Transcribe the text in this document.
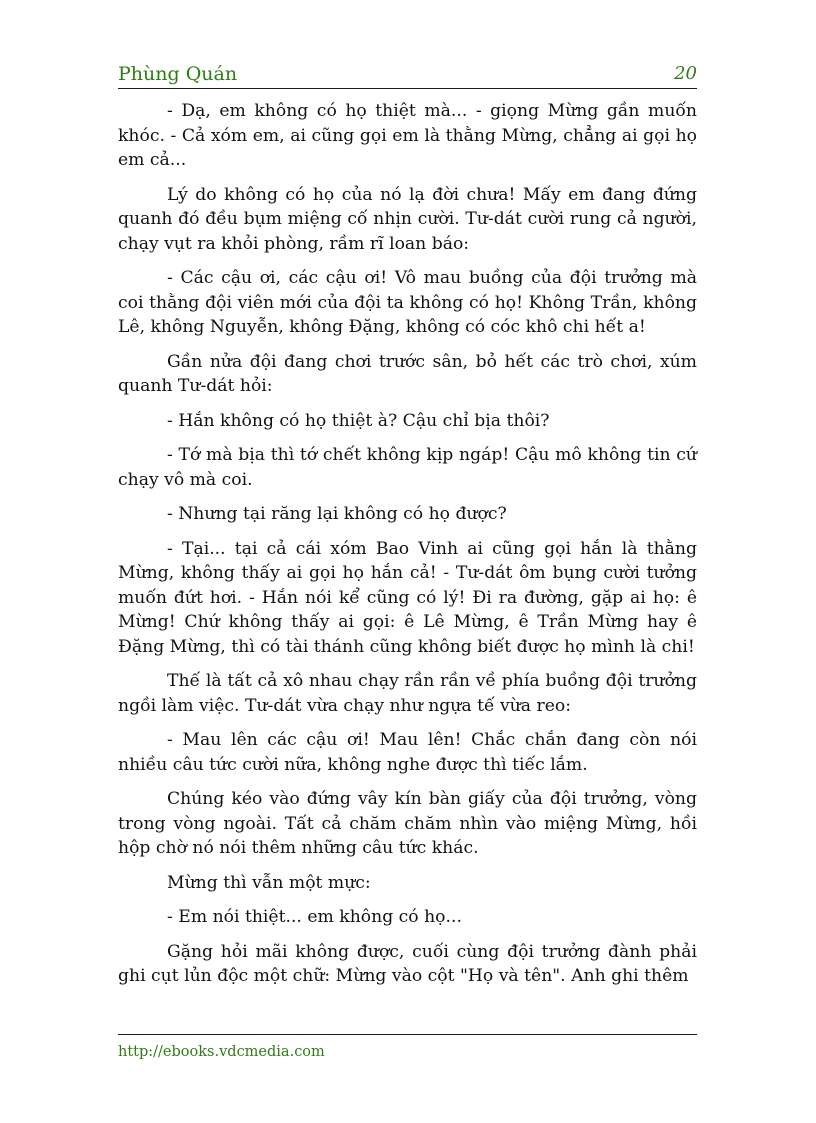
Phùng Quán	20

- Dạ, em không có họ thiệt mà... - giọng Mừng gần muốn khóc. - Cả xóm em, ai cũng gọi em là thằng Mừng, chẳng ai gọi họ em cả...

Lý do không có họ của nó lạ đời chưa! Mấy em đang đứng quanh đó đều bụm miệng cố nhịn cười. Tư-dát cười rung cả người, chạy vụt ra khỏi phòng, rầm rĩ loan báo:

- Các cậu ơi, các cậu ơi! Vô mau buồng của đội trưởng mà coi thằng đội viên mới của đội ta không có họ! Không Trần, không Lê, không Nguyễn, không Đặng, không có cóc khô chi hết a!

Gần nửa đội đang chơi trước sân, bỏ hết các trò chơi, xúm quanh Tư-dát hỏi:

- Hắn không có họ thiệt à? Cậu chỉ bịa thôi?

- Tớ mà bịa thì tớ chết không kịp ngáp! Cậu mô không tin cứ chạy vô mà coi.

- Nhưng tại răng lại không có họ được?

- Tại... tại cả cái xóm Bao Vinh ai cũng gọi hắn là thằng Mừng, không thấy ai gọi họ hắn cả! - Tư-dát ôm bụng cười tưởng muốn đứt hơi. - Hắn nói kể cũng có lý! Đi ra đường, gặp ai họ: ê Mừng! Chứ không thấy ai gọi: ê Lê Mừng, ê Trần Mừng hay ê Đặng Mừng, thì có tài thánh cũng không biết được họ mình là chi!

Thế là tất cả xô nhau chạy rần rần về phía buồng đội trưởng ngồi làm việc. Tư-dát vừa chạy như ngựa tế vừa reo:

- Mau lên các cậu ơi! Mau lên! Chắc chắn đang còn nói nhiều câu tức cười nữa, không nghe được thì tiếc lắm.

Chúng kéo vào đứng vây kín bàn giấy của đội trưởng, vòng trong vòng ngoài. Tất cả chăm chăm nhìn vào miệng Mừng, hồi hộp chờ nó nói thêm những câu tức khác.

Mừng thì vẫn một mực:

- Em nói thiệt... em không có họ...

Gặng hỏi mãi không được, cuối cùng đội trưởng đành phải ghi cụt lủn độc một chữ: Mừng vào cột "Họ và tên". Anh ghi thêm

http://ebooks.vdcmedia.com
